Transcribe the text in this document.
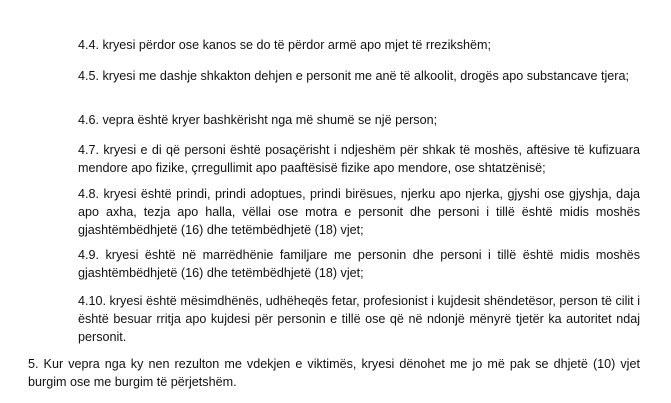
4.4. kryesi përdor ose kanos se do të përdor armë apo mjet të rrezikshëm;

4.5. kryesi me dashje shkakton dehjen e personit me anë të alkoolit, drogës apo substancave tjera;

4.6. vepra është kryer bashkërisht nga më shumë se një person;

4.7. kryesi e di që personi është posaçërisht i ndjeshëm për shkak të moshës, aftësive të kufizuara mendore apo fizike, çrregullimit apo paaftësisë fizike apo mendore, ose shtatzënisë;

4.8. kryesi është prindi, prindi adoptues, prindi birësues, njerku apo njerka, gjyshi ose gjyshja, daja apo axha, tezja apo halla, vëllai ose motra e personit dhe personi i tillë është midis moshës gjashtëmbëdhjetë (16) dhe tetëmbëdhjetë (18) vjet;

4.9. kryesi është në marrëdhënie familjare me personin dhe personi i tillë është midis moshës gjashtëmbëdhjetë (16) dhe tetëmbëdhjetë (18) vjet;

4.10. kryesi është mësimdhënës, udhëheqës fetar, profesionist i kujdesit shëndetësor, person të cilit i është besuar rritja apo kujdesi për personin e tillë ose që në ndonjë mënyrë tjetër ka autoritet ndaj personit.

5. Kur vepra nga ky nen rezulton me vdekjen e viktimës, kryesi dënohet me jo më pak se dhjetë (10) vjet burgim ose me burgim të përjetshëm.
